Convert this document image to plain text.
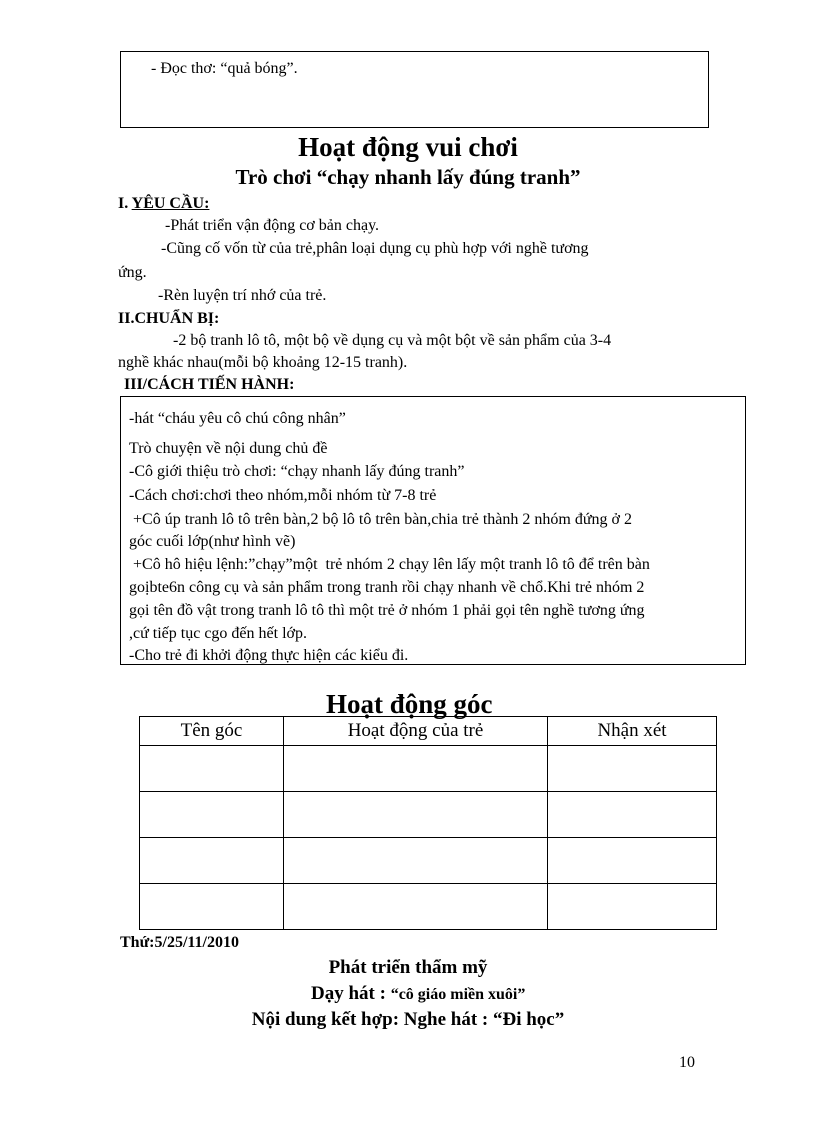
- Đọc thơ: “quả bóng”.
Hoạt động vui chơi
Trò chơi “chạy nhanh lấy đúng tranh”
I. YÊU CẦU:
-Phát triển vận động cơ bản chạy.
-Cũng cố vốn từ của trẻ,phân loại dụng cụ phù hợp với nghề tương
ứng.
-Rèn luyện trí nhớ của trẻ.
II.CHUẨN BỊ:
-2 bộ tranh lô tô, một bộ về dụng cụ và một bột về sản phẩm của 3-4
nghề khác nhau(mỗi bộ khoảng 12-15 tranh).
III/CÁCH TIẾN HÀNH:
-hát “cháu yêu cô chú công nhân”
Trò chuyện về nội dung chủ đề
-Cô giới thiệu trò chơi: “chạy nhanh lấy đúng tranh”
-Cách chơi:chơi theo nhóm,mỗi nhóm từ 7-8 trẻ
+Cô úp tranh lô tô trên bàn,2 bộ lô tô trên bàn,chia trẻ thành 2 nhóm đứng ở 2
góc cuối lớp(như hình vẽ)
+Cô hô hiệu lệnh:”chạy”một  trẻ nhóm 2 chạy lên lấy một tranh lô tô để trên bàn
goịbte6n công cụ và sản phẩm trong tranh rồi chạy nhanh về chổ.Khi trẻ nhóm 2
gọi tên đồ vật trong tranh lô tô thì một trẻ ở nhóm 1 phải gọi tên nghề tương ứng
,cứ tiếp tục cgo đến hết lớp.
-Cho trẻ đi khởi động thực hiện các kiểu đi.
Hoạt động góc
Tên góc	Hoạt động của trẻ	Nhận xét

Thứ:5/25/11/2010
Phát triển thẩm mỹ
Dạy hát : “cô giáo miền xuôi”
Nội dung kết hợp: Nghe hát : “Đi học”
10
